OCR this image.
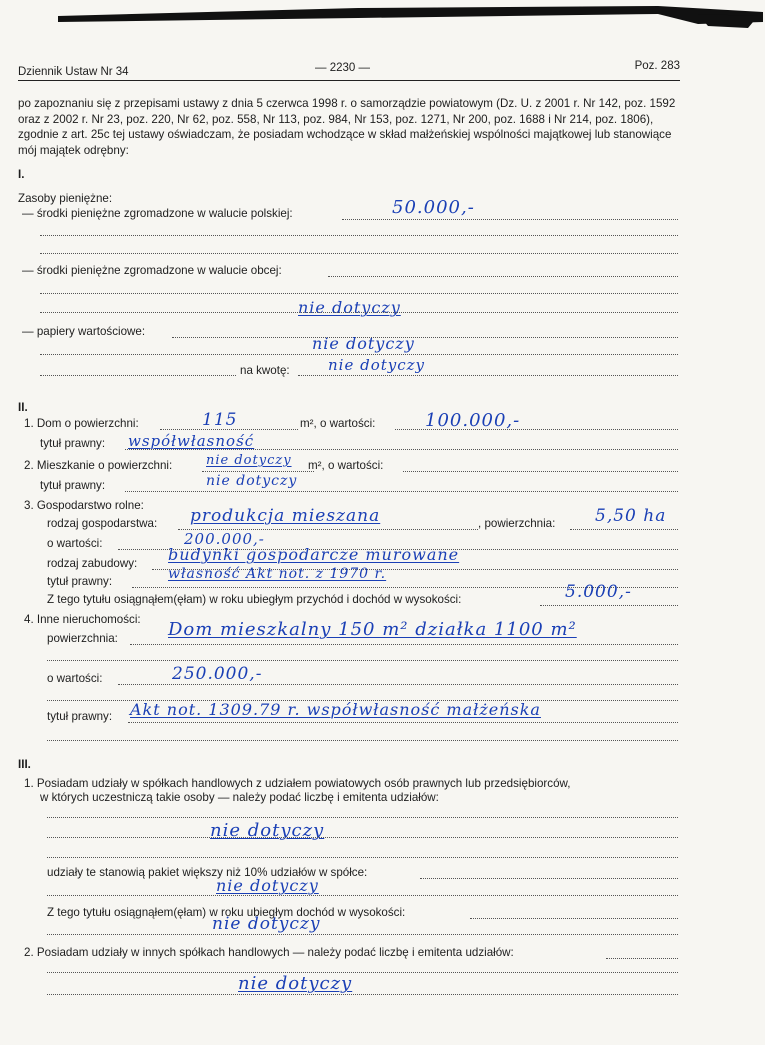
Dziennik Ustaw Nr 34	— 2230 —	Poz. 283
po zapoznaniu się z przepisami ustawy z dnia 5 czerwca 1998 r. o samorządzie powiatowym (Dz. U. z 2001 r. Nr 142, poz. 1592 oraz z 2002 r. Nr 23, poz. 220, Nr 62, poz. 558, Nr 113, poz. 984, Nr 153, poz. 1271, Nr 200, poz. 1688 i Nr 214, poz. 1806), zgodnie z art. 25c tej ustawy oświadczam, że posiadam wchodzące w skład małżeńskiej wspólności majątkowej lub stanowiące mój majątek odrębny:
I.
Zasoby pieniężne:
— środki pieniężne zgromadzone w walucie polskiej:	50.000,-
— środki pieniężne zgromadzone w walucie obcej:
nie dotyczy
— papiery wartościowe:
nie dotyczy
na kwotę:	nie dotyczy
II.
1. Dom o powierzchni:	115	m², o wartości:	100.000,-
tytuł prawny: współwłasność
2. Mieszkanie o powierzchni:	nie dotyczy m², o wartości:
tytuł prawny:	nie dotyczy
3. Gospodarstwo rolne:
rodzaj gospodarstwa: produkcja mieszana	, powierzchnia: 5,50 ha
o wartości:	200.000,-
rodzaj zabudowy: budynki gospodarcze murowane
tytuł prawny:	własność Akt not. z 1970 r.
Z tego tytułu osiągnąłem(ęłam) w roku ubiegłym przychód i dochód w wysokości:	5.000,-
4. Inne nieruchomości:
powierzchnia:	Dom mieszkalny 150 m² działka 1100 m²
o wartości:	250.000,-
tytuł prawny: Akt not. 1309.79 r. współwłasność małżeńska
III.
1. Posiadam udziały w spółkach handlowych z udziałem powiatowych osób prawnych lub przedsiębiorców,
w których uczestniczą takie osoby — należy podać liczbę i emitenta udziałów:
nie dotyczy
udziały te stanowią pakiet większy niż 10% udziałów w spółce:
nie dotyczy
Z tego tytułu osiągnąłem(ęłam) w roku ubiegłym dochód w wysokości:
nie dotyczy
2. Posiadam udziały w innych spółkach handlowych — należy podać liczbę i emitenta udziałów:
nie dotyczy
